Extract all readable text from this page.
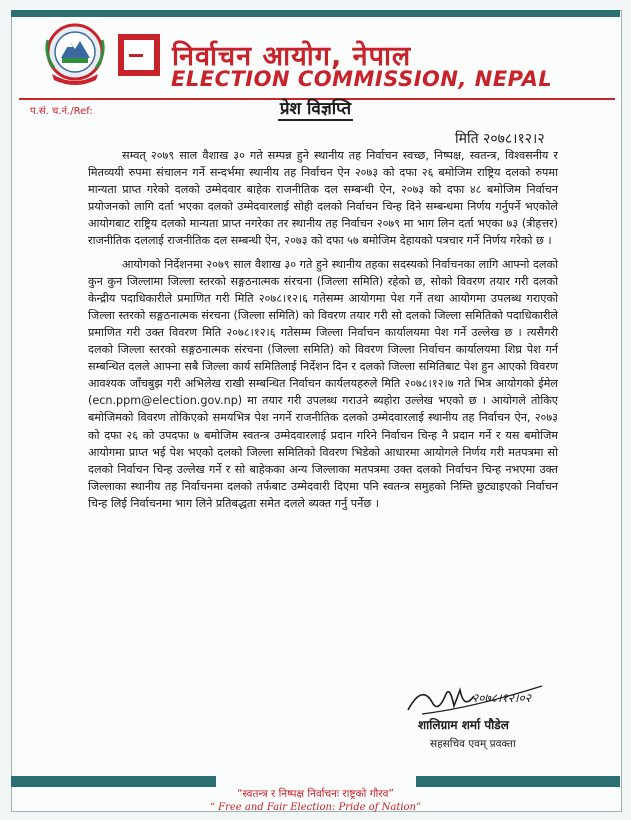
निर्वाचन आयोग, नेपाल
ELECTION COMMISSION, NEPAL
प.सं. च.नं./Ref:	प्रेश विज्ञप्ति
मिति २०७८।१२।२

सम्वत् २०७९ साल वैशाख ३० गते सम्पन्न हुने स्थानीय तह निर्वाचन स्वच्छ, निष्पक्ष, स्वतन्त्र, विश्वसनीय र मितव्ययी रुपमा संचालन गर्ने सन्दर्भमा स्थानीय तह निर्वाचन ऐन २०७३ को दफा २६ बमोजिम राष्ट्रिय दलको रुपमा मान्यता प्राप्त गरेको दलको उम्मेदवार बाहेक राजनीतिक दल सम्बन्धी ऐन, २०७३ को दफा ४८ बमोजिम निर्वाचन प्रयोजनको लागि दर्ता भएका दलको उम्मेदवारलाई सोही दलको निर्वाचन चिन्ह दिने सम्बन्धमा निर्णय गर्नुपर्ने भएकोले आयोगबाट राष्ट्रिय दलको मान्यता प्राप्त नगरेका तर स्थानीय तह निर्वाचन २०७९ मा भाग लिन दर्ता भएका ७३ (त्रीहत्तर) राजनीतिक दललाई राजनीतिक दल सम्बन्धी ऐन, २०७३ को दफा ५७ बमोजिम देहायको पत्रचार गर्ने निर्णय गरेको छ ।

आयोगको निर्देशनमा २०७९ साल वैशाख ३० गते हुने स्थानीय तहका सदस्यको निर्वाचनका लागि आफ्नो दलको कुन कुन जिल्लामा जिल्ला स्तरको सङ्गठनात्मक संरचना (जिल्ला समिति) रहेको छ, सोको विवरण तयार गरी दलको केन्द्रीय पदाधिकारीले प्रमाणित गरी मिति २०७८।१२।६ गतेसम्म आयोगमा पेश गर्ने तथा आयोगमा उपलब्ध गराएको जिल्ला स्तरको सङ्गठनात्मक संरचना (जिल्ला समिति) को विवरण तयार गरी सो दलको जिल्ला समितिको पदाधिकारीले प्रमाणित गरी उक्त विवरण मिति २०७८।१२।६ गतेसम्म जिल्ला निर्वाचन कार्यालयमा पेश गर्ने उल्लेख छ । त्यसैगरी दलको जिल्ला स्तरको सङ्गठनात्मक संरचना (जिल्ला समिति) को विवरण जिल्ला निर्वाचन कार्यालयमा शिघ्र पेश गर्न सम्बन्धित दलले आफ्ना सबै जिल्ला कार्य समितिलाई निर्देशन दिन र दलको जिल्ला समितिबाट पेश हुन आएको विवरण आवश्यक जाँचबुझ गरी अभिलेख राखी सम्बन्धित निर्वाचन कार्यलयहरुले मिति २०७८।१२।७ गते भित्र आयोगको ईमेल (ecn.ppm@election.gov.np) मा तयार गरी उपलब्ध गराउने ब्यहोरा उल्लेख भएको छ । आयोगले तोकिए बमोजिमको विवरण तोकिएको समयभित्र पेश नगर्ने राजनीतिक दलको उम्मेदवारलाई स्थानीय तह निर्वाचन ऐन, २०७३ को दफा २६ को उपदफा ७ बमोजिम स्वतन्त्र उम्मेदवारलाई प्रदान गरिने निर्वाचन चिन्ह नै प्रदान गर्ने र यस बमोजिम आयोगमा प्राप्त भई पेश भएको दलको जिल्ला समितिको विवरण भिडेको आधारमा आयोगले निर्णय गरी मतपत्रमा सो दलको निर्वाचन चिन्ह उल्लेख गर्ने र सो बाहेकका अन्य जिल्लाका मतपत्रमा उक्त दलको निर्वाचन चिन्ह नभएमा उक्त जिल्लाका स्थानीय तह निर्वाचनमा दलको तर्फबाट उम्मेदवारी दिएमा पनि स्वतन्त्र समुहको निम्ति छुट्याइएको निर्वाचन चिन्ह लिई निर्वाचनमा भाग लिने प्रतिबद्धता समेत दलले ब्यक्त गर्नु पर्नेछ ।

२०७८।१२।०२
शालिग्राम शर्मा पौडेल
सहसचिव एवम् प्रवक्ता
“स्वतन्त्र र निष्पक्ष निर्वाचनः राष्ट्रको गौरव”
“ Free and Fair Election: Pride of Nation”
